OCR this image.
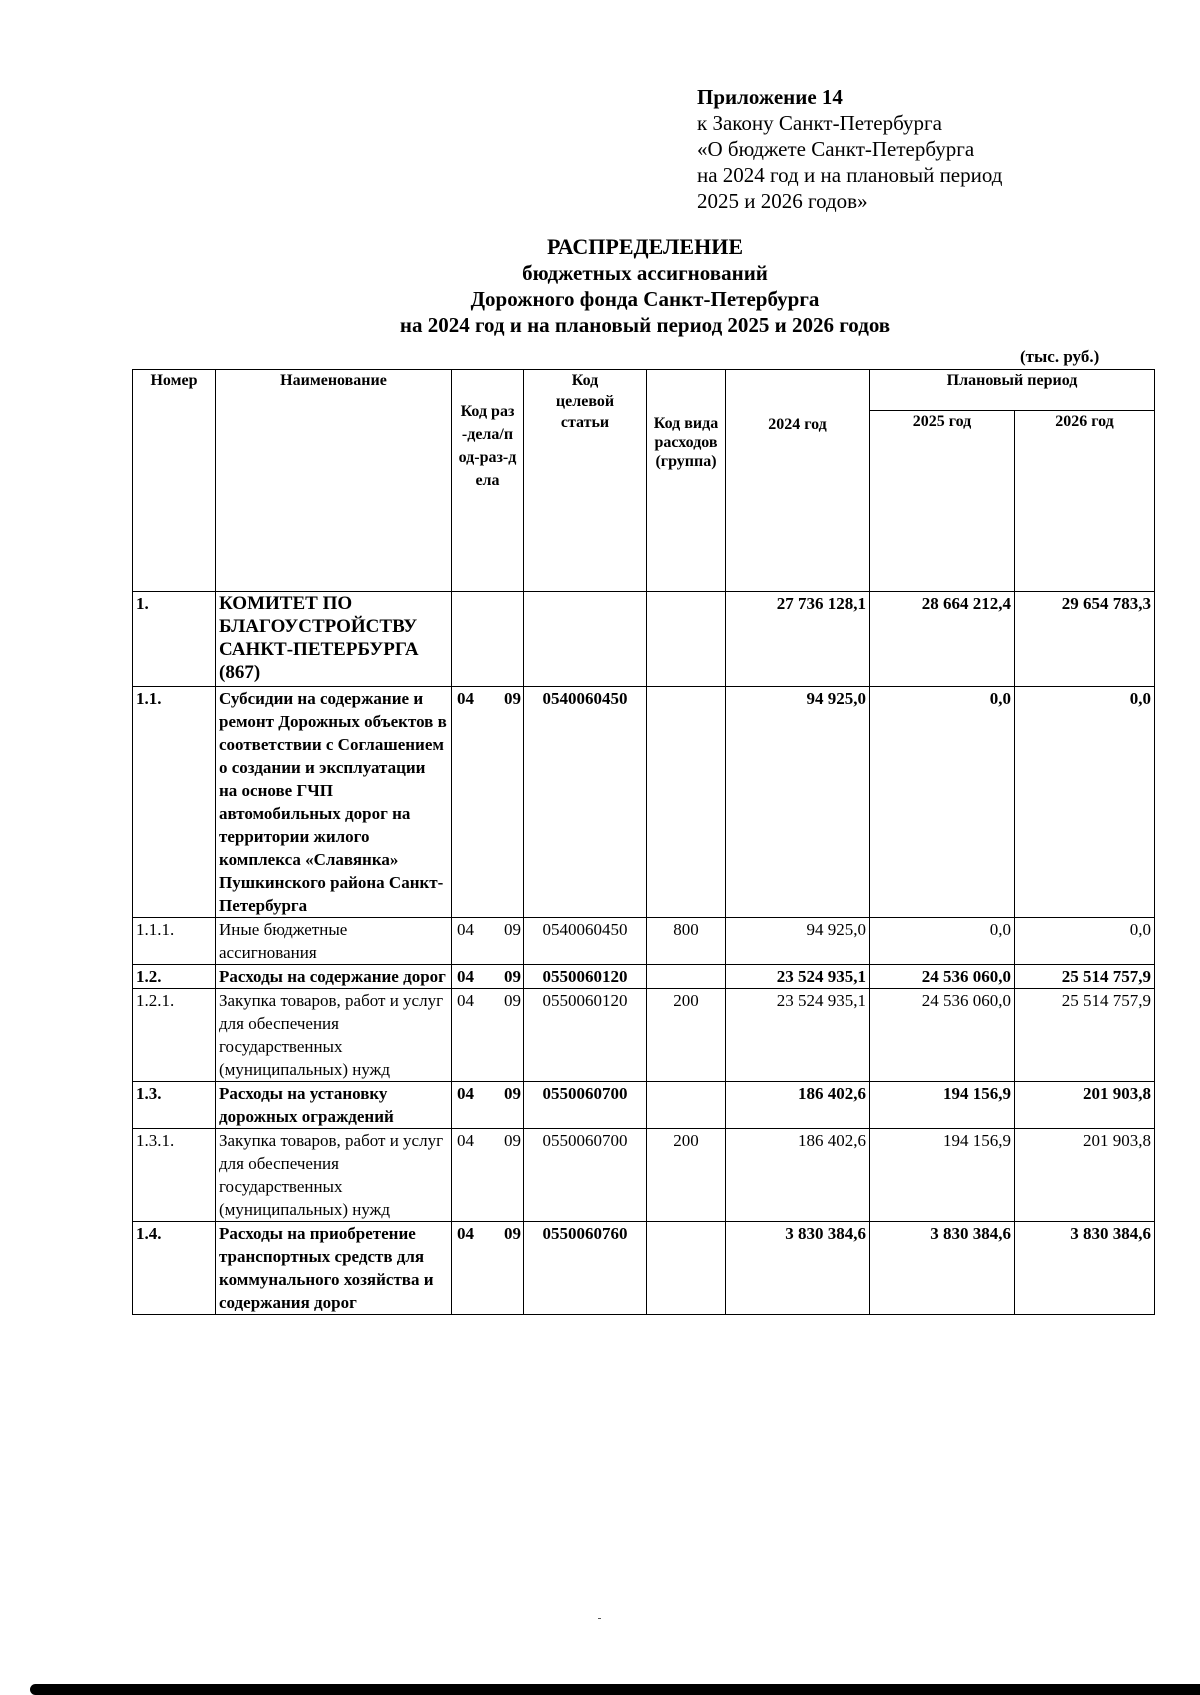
Приложение 14
к Закону Санкт-Петербурга
«О бюджете Санкт-Петербурга
на 2024 год и на плановый период
2025 и 2026 годов»
РАСПРЕДЕЛЕНИЕ
бюджетных ассигнований
Дорожного фонда Санкт-Петербурга
на 2024 год и на плановый период 2025 и 2026 годов
(тыс. руб.)
Номер	Наименование	Код раз-дела/под-раз-дела	Код целевой статьи	Код вида расходов (группа)	2024 год	Плановый период	
						2025 год	2026 год
1.	КОМИТЕТ ПО БЛАГОУСТРОЙСТВУ САНКТ-ПЕТЕРБУРГА (867)				27 736 128,1	28 664 212,4	29 654 783,3
1.1.	Субсидии на содержание и ремонт Дорожных объектов в соответствии с Соглашением о создании и эксплуатации на основе ГЧП автомобильных дорог на территории жилого комплекса «Славянка» Пушкинского района Санкт-Петербурга	04 09	0540060450		94 925,0	0,0	0,0
1.1.1.	Иные бюджетные ассигнования	04 09	0540060450	800	94 925,0	0,0	0,0
1.2.	Расходы на содержание дорог	04 09	0550060120		23 524 935,1	24 536 060,0	25 514 757,9
1.2.1.	Закупка товаров, работ и услуг для обеспечения государственных (муниципальных) нужд	04 09	0550060120	200	23 524 935,1	24 536 060,0	25 514 757,9
1.3.	Расходы на установку дорожных ограждений	04 09	0550060700		186 402,6	194 156,9	201 903,8
1.3.1.	Закупка товаров, работ и услуг для обеспечения государственных (муниципальных) нужд	04 09	0550060700	200	186 402,6	194 156,9	201 903,8
1.4.	Расходы на приобретение транспортных средств для коммунального хозяйства и содержания дорог	04 09	0550060760		3 830 384,6	3 830 384,6	3 830 384,6
